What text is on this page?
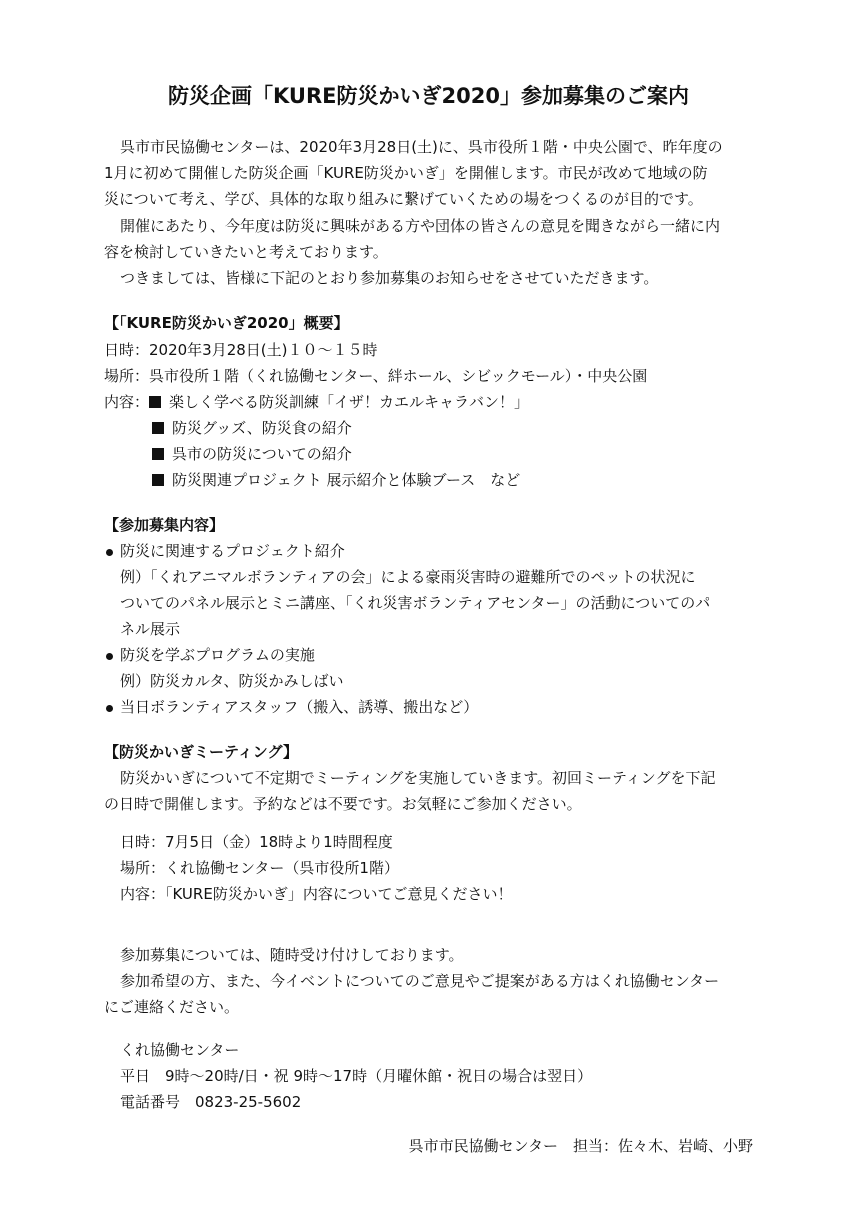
防災企画「KURE防災かいぎ2020」参加募集のご案内
呉市市民協働センターは、2020年3月28日(土)に、呉市役所１階・中央公園で、昨年度の
1月に初めて開催した防災企画「KURE防災かいぎ」を開催します。市民が改めて地域の防
災について考え、学び、具体的な取り組みに繋げていくための場をつくるのが目的です。
開催にあたり、今年度は防災に興味がある方や団体の皆さんの意見を聞きながら一緒に内
容を検討していきたいと考えております。
つきましては、皆様に下記のとおり参加募集のお知らせをさせていただきます。
【「KURE防災かいぎ2020」概要】
日時：2020年3月28日(土)１０～１５時
場所：呉市役所１階（くれ協働センター、絆ホール、シビックモール）・中央公園
内容： 楽しく学べる防災訓練「イザ！カエルキャラバン！」
防災グッズ、防災食の紹介
呉市の防災についての紹介
防災関連プロジェクト 展示紹介と体験ブース　など
【参加募集内容】
防災に関連するプロジェクト紹介
例）「くれアニマルボランティアの会」による豪雨災害時の避難所でのペットの状況に
ついてのパネル展示とミニ講座、「くれ災害ボランティアセンター」の活動についてのパ
ネル展示
防災を学ぶプログラムの実施
例）防災カルタ、防災かみしばい
当日ボランティアスタッフ（搬入、誘導、搬出など）
【防災かいぎミーティング】
防災かいぎについて不定期でミーティングを実施していきます。初回ミーティングを下記
の日時で開催します。予約などは不要です。お気軽にご参加ください。
日時：7月5日（金）18時より1時間程度
場所：くれ協働センター（呉市役所1階）
内容：「KURE防災かいぎ」内容についてご意見ください！
参加募集については、随時受け付けしております。
参加希望の方、また、今イベントについてのご意見やご提案がある方はくれ協働センター
にご連絡ください。
くれ協働センター
平日　9時～20時/日・祝 9時～17時（月曜休館・祝日の場合は翌日）
電話番号　0823-25-5602
呉市市民協働センター　担当：佐々木、岩崎、小野
